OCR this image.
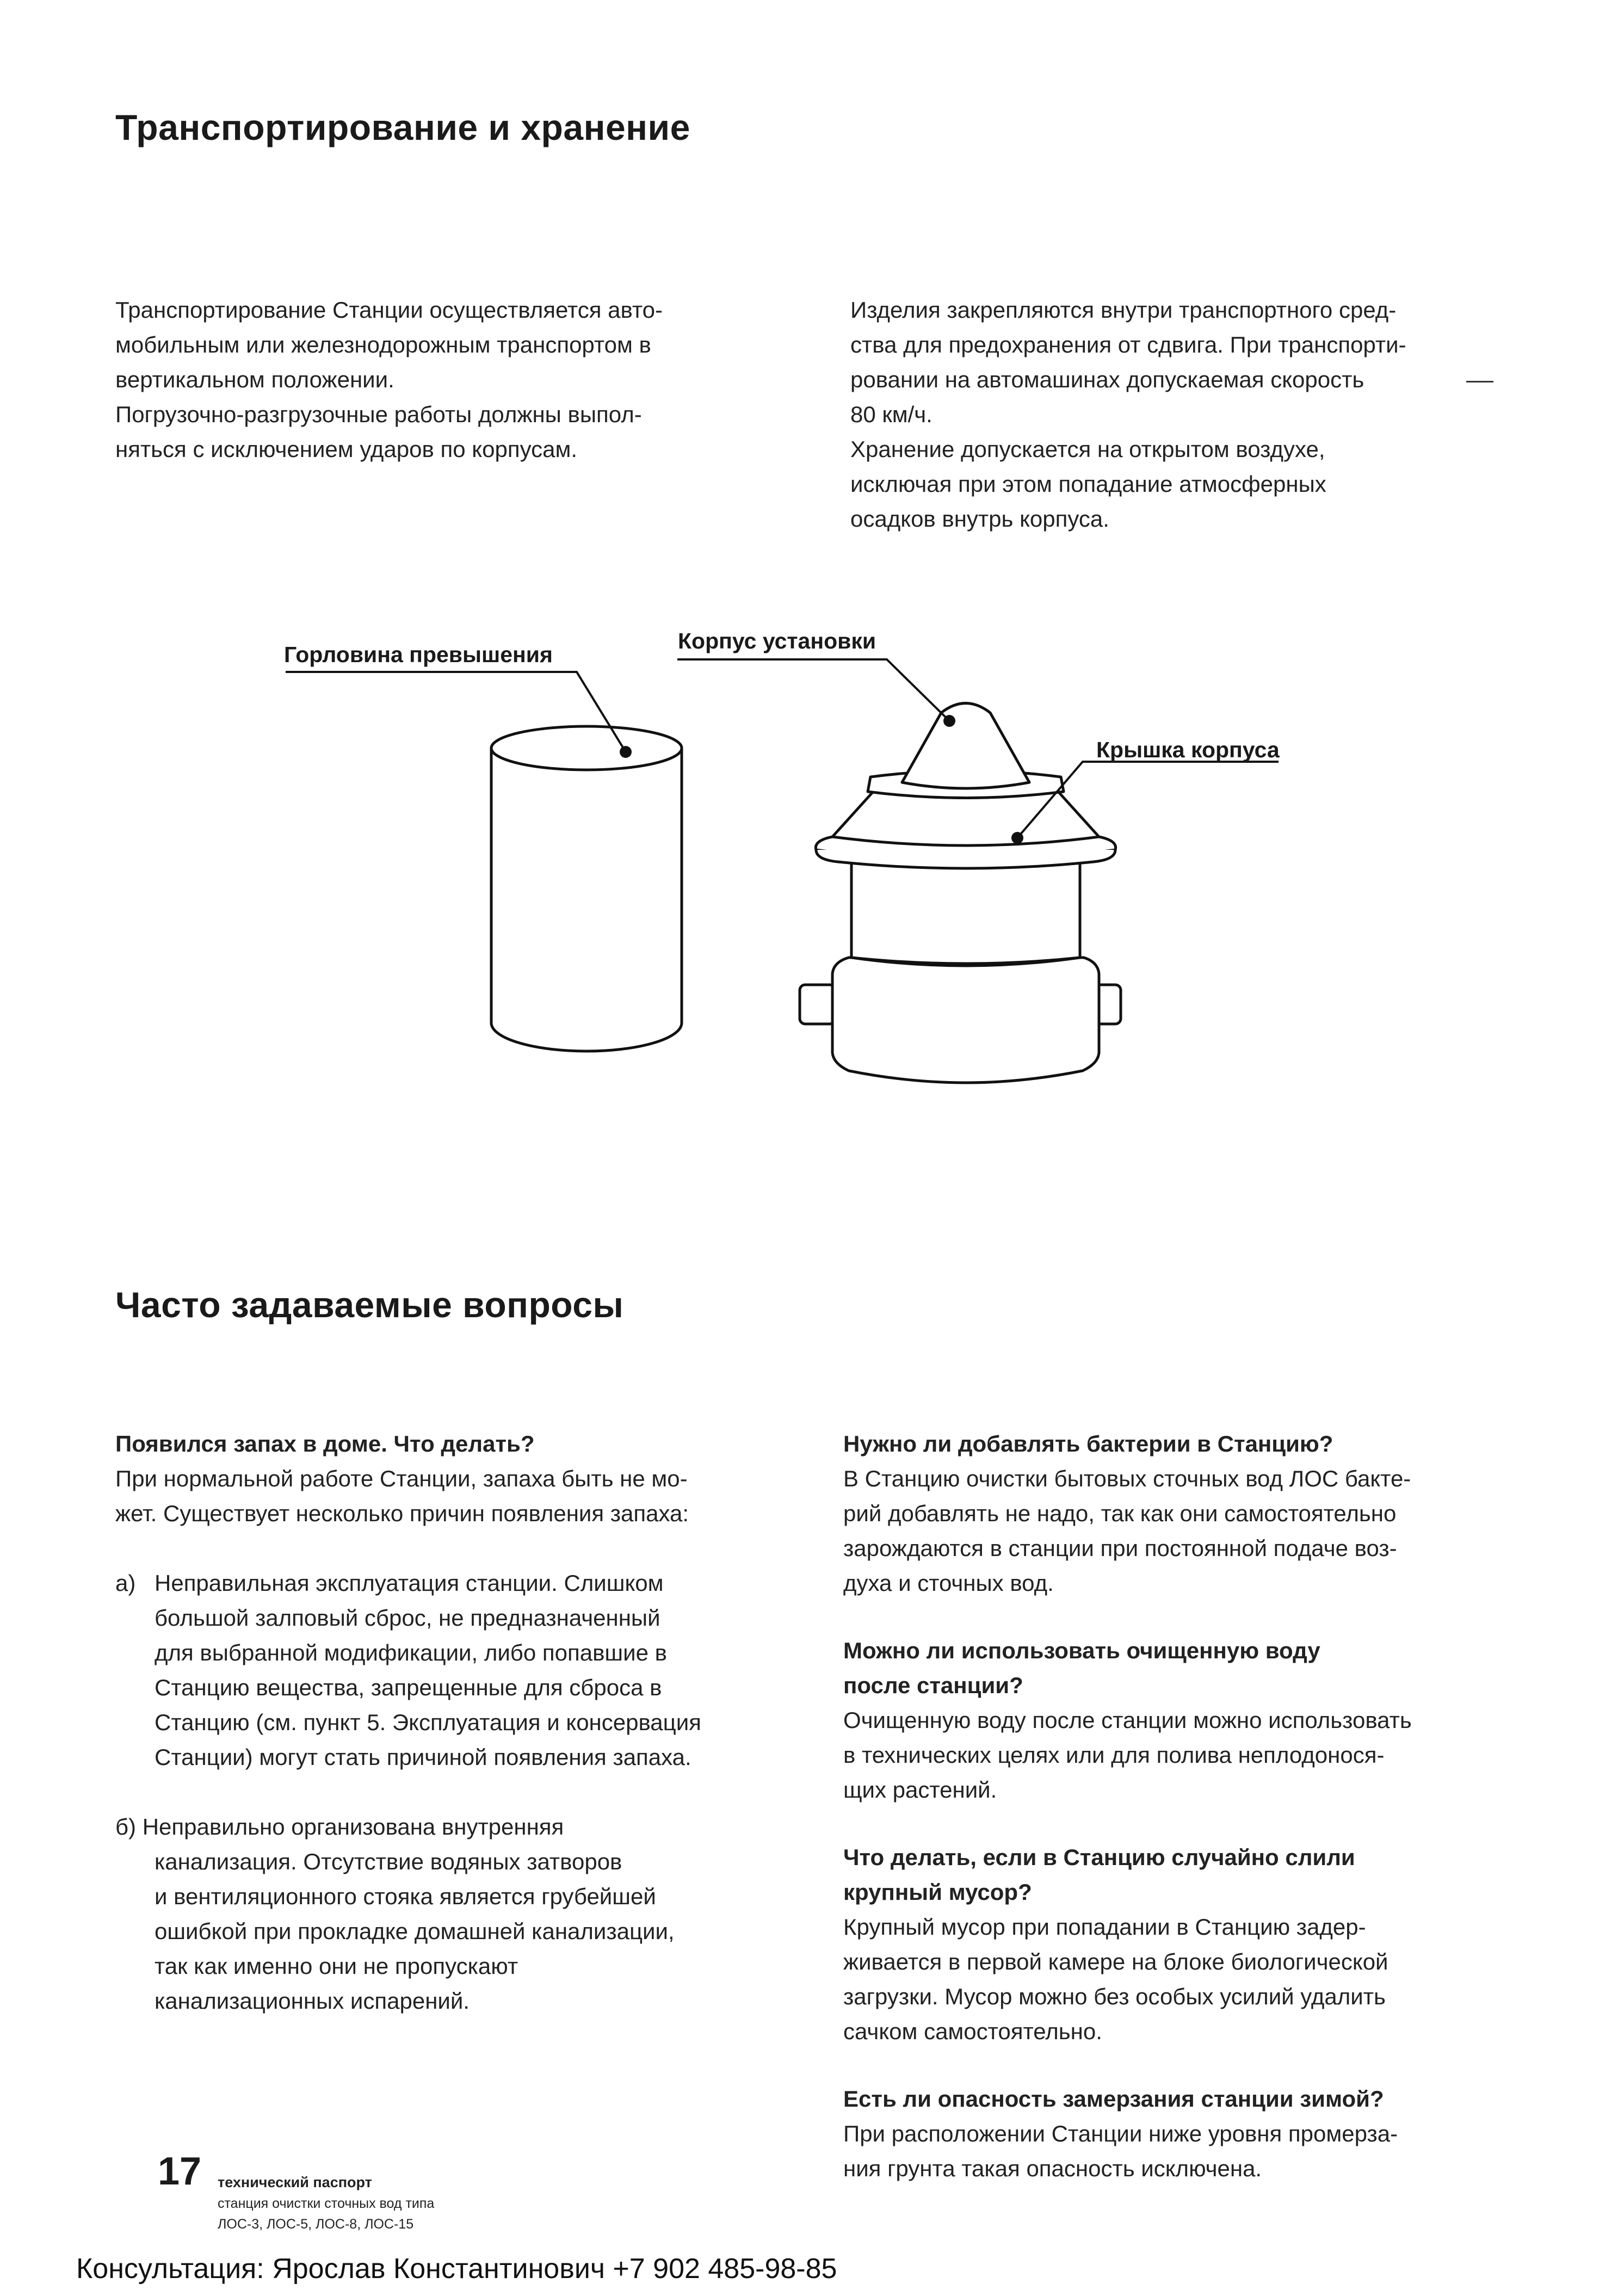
Транспортирование и хранение
Транспортирование Станции осуществляется авто-
мобильным или железнодорожным транспортом в
вертикальном положении.
Погрузочно-разгрузочные работы должны выпол-
няться с исключением ударов по корпусам.
Изделия закрепляются внутри транспортного сред-
ства для предохранения от сдвига. При транспорти-
ровании на автомашинах допускаемая скорость
80 км/ч.
Хранение допускается на открытом воздухе,
исключая при этом попадание атмосферных
осадков внутрь корпуса.
Горловина превышения
Корпус установки
Крышка корпуса
Часто задаваемые вопросы
Появился запах в доме. Что делать?
При нормальной работе Станции, запаха быть не мо-
жет. Существует несколько причин появления запаха:
а) Неправильная эксплуатация станции. Слишком
большой залповый сброс, не предназначенный
для выбранной модификации, либо попавшие в
Станцию вещества, запрещенные для сброса в
Станцию (см. пункт 5. Эксплуатация и консервация
Станции) могут стать причиной появления запаха.
б) Неправильно организована внутренняя
канализация. Отсутствие водяных затворов
и вентиляционного стояка является грубейшей
ошибкой при прокладке домашней канализации,
так как именно они не пропускают
канализационных испарений.
Нужно ли добавлять бактерии в Станцию?
В Станцию очистки бытовых сточных вод ЛОС бакте-
рий добавлять не надо, так как они самостоятельно
зарождаются в станции при постоянной подаче воз-
духа и сточных вод.
Можно ли использовать очищенную воду
после станции?
Очищенную воду после станции можно использовать
в технических целях или для полива неплодонося-
щих растений.
Что делать, если в Станцию случайно слили
крупный мусор?
Крупный мусор при попадании в Станцию задер-
живается в первой камере на блоке биологической
загрузки. Мусор можно без особых усилий удалить
сачком самостоятельно.
Есть ли опасность замерзания станции зимой?
При расположении Станции ниже уровня промерза-
ния грунта такая опасность исключена.
17 технический паспорт
станция очистки сточных вод типа
ЛОС-3, ЛОС-5, ЛОС-8, ЛОС-15
Консультация: Ярослав Константинович +7 902 485-98-85
